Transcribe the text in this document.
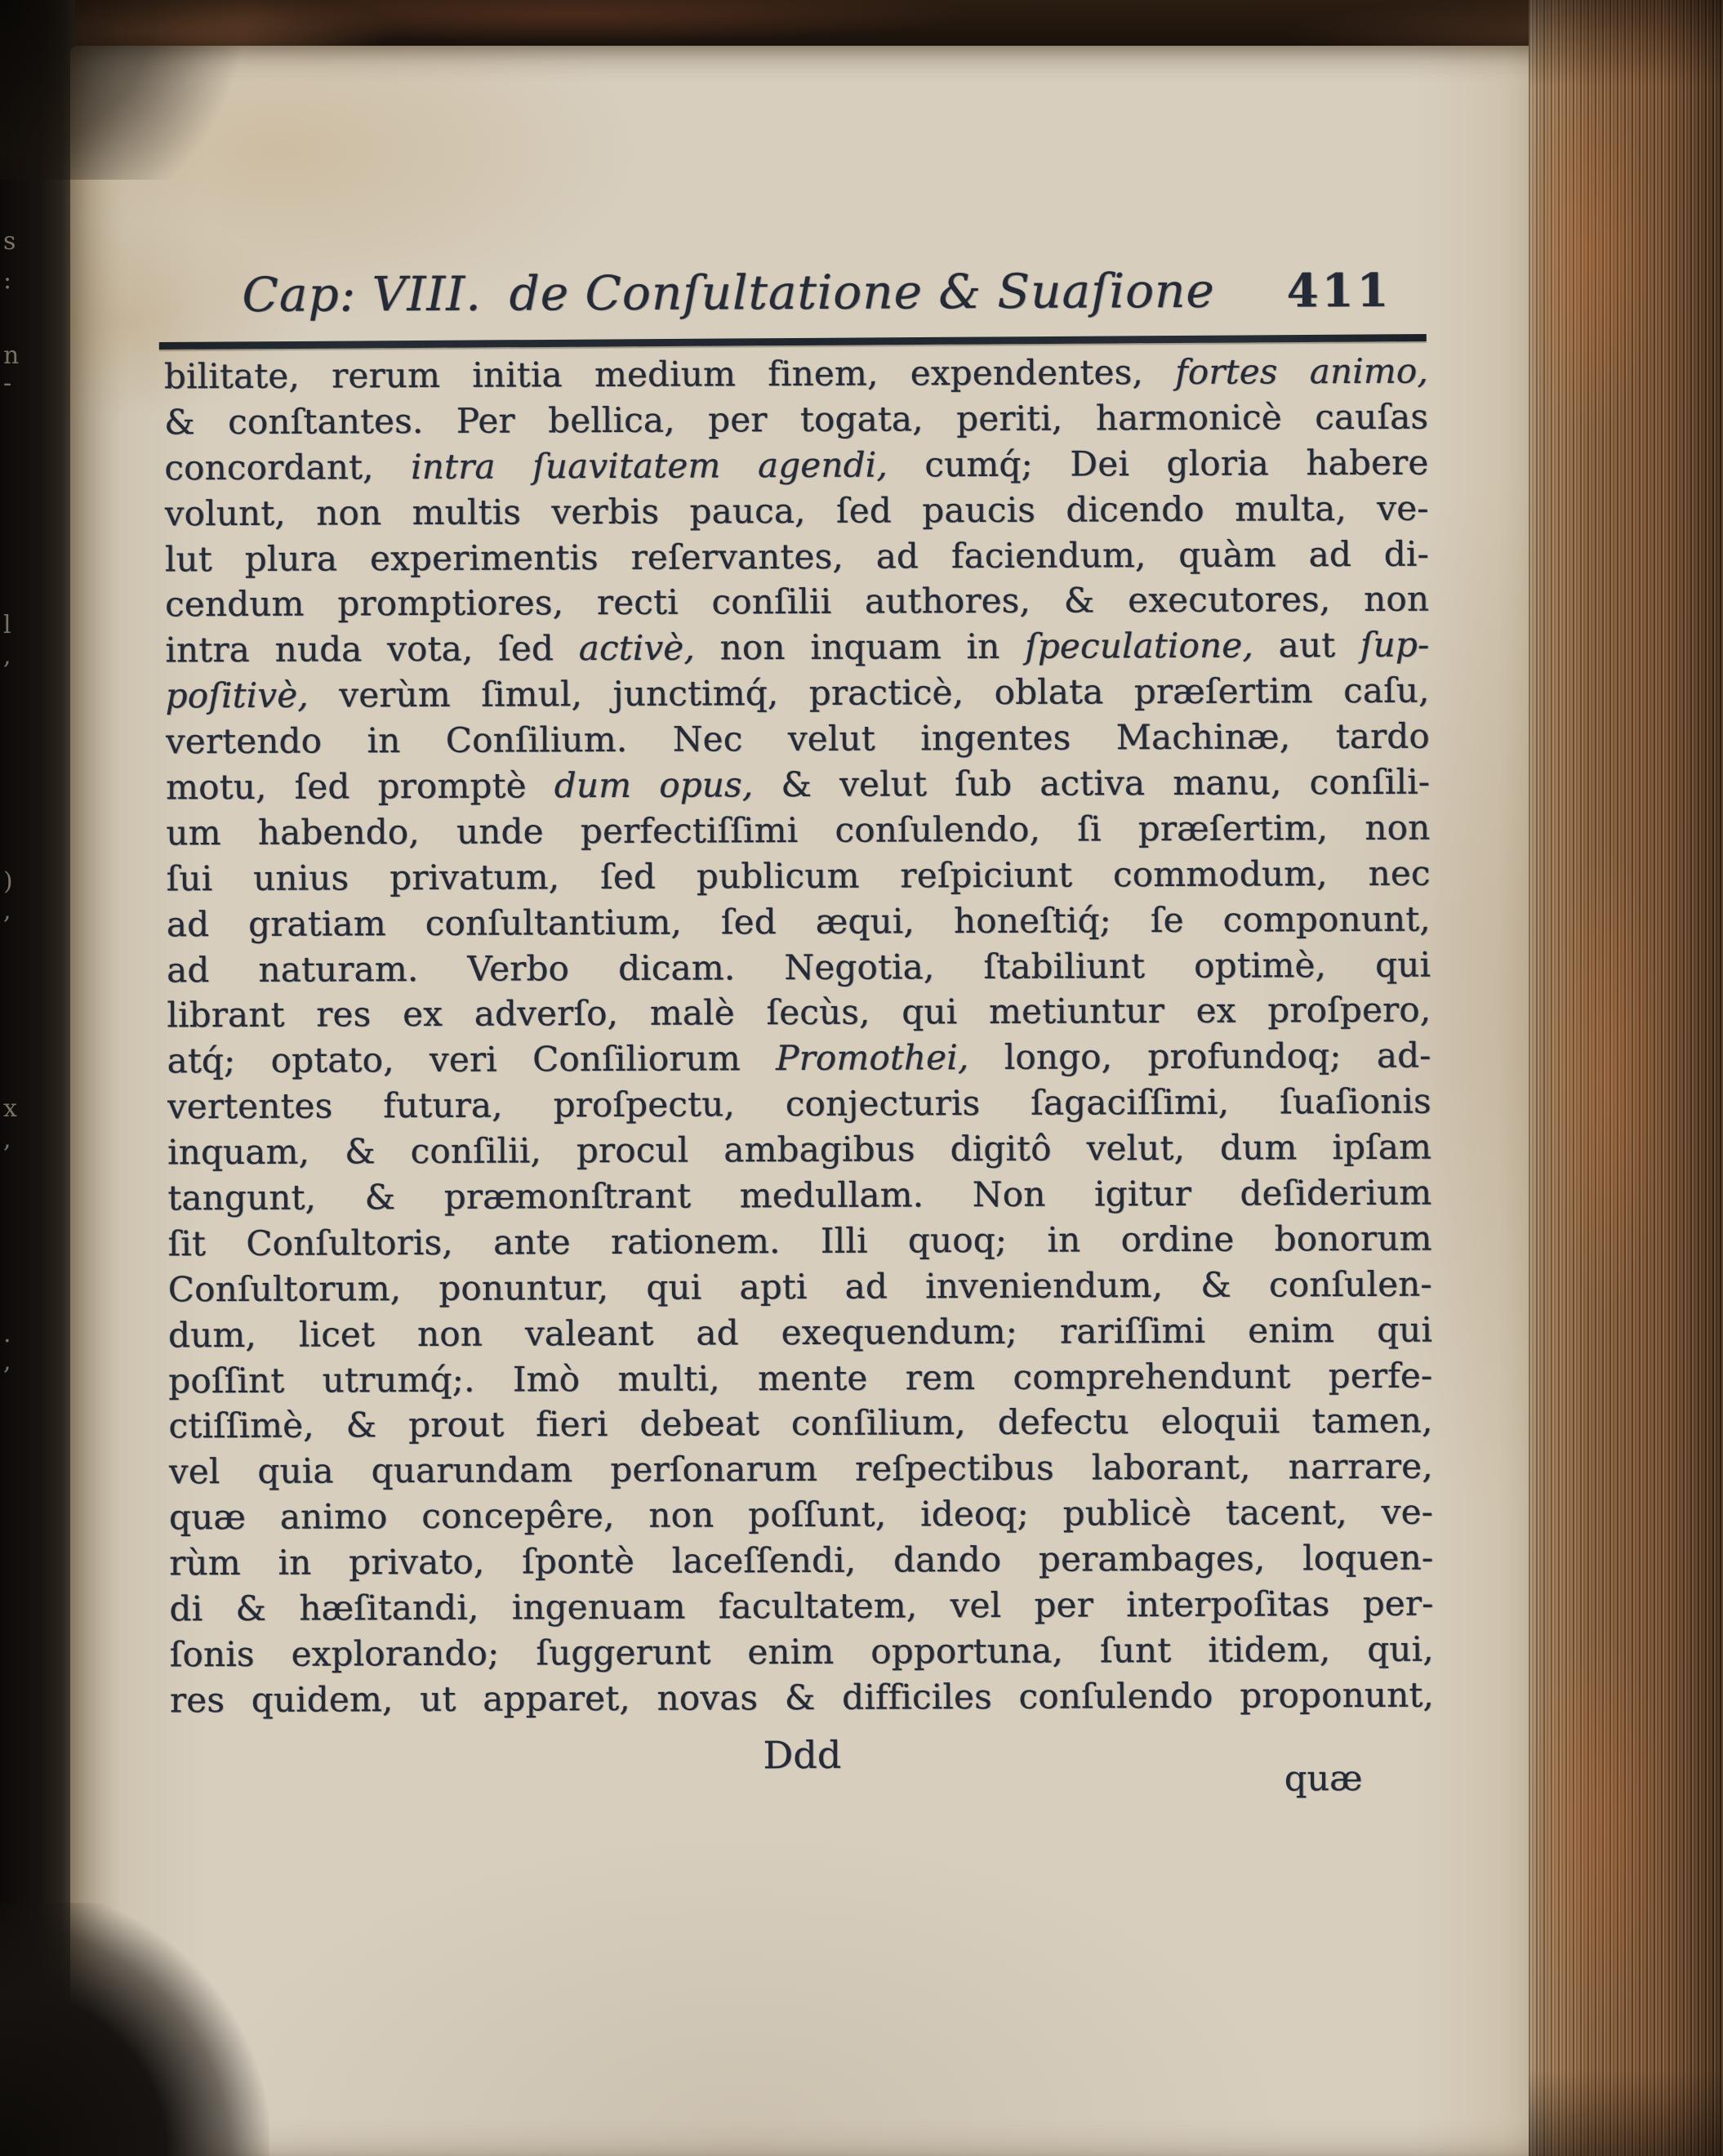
s
:
n
-
l
,
)
,
x
,
.
,
Cap: VIII. de Conſultatione & Suaſione 411
bilitate, rerum initia medium finem, expendentes, fortes animo,
& conſtantes. Per bellica, per togata, periti, harmonicè cauſas
concordant, intra ſuavitatem agendi, cumq́; Dei gloria habere
volunt, non multis verbis pauca, ſed paucis dicendo multa, ve-
lut plura experimentis reſervantes, ad faciendum, quàm ad di-
cendum promptiores, recti conſilii authores, & executores, non
intra nuda vota, ſed activè, non inquam in ſpeculatione, aut ſup-
poſitivè, verùm ſimul, junctimq́, practicè, oblata præſertim caſu,
vertendo in Conſilium. Nec velut ingentes Machinæ, tardo
motu, ſed promptè dum opus, & velut ſub activa manu, conſili-
um habendo, unde perfectiſſimi conſulendo, ſi præſertim, non
ſui unius privatum, ſed publicum reſpiciunt commodum, nec
ad gratiam conſultantium, ſed æqui, honeſtiq́; ſe componunt,
ad naturam. Verbo dicam. Negotia, ſtabiliunt optimè, qui
librant res ex adverſo, malè ſecùs, qui metiuntur ex proſpero,
atq́; optato, veri Conſiliorum Promothei, longo, profundoq; ad-
vertentes futura, proſpectu, conjecturis ſagaciſſimi, ſuaſionis
inquam, & conſilii, procul ambagibus digitô velut, dum ipſam
tangunt, & præmonſtrant medullam. Non igitur deſiderium
ſit Conſultoris, ante rationem. Illi quoq; in ordine bonorum
Conſultorum, ponuntur, qui apti ad inveniendum, & conſulen-
dum, licet non valeant ad exequendum; rariſſimi enim qui
poſſint utrumq́;. Imò multi, mente rem comprehendunt perfe-
ctiſſimè, & prout fieri debeat conſilium, defectu eloquii tamen,
vel quia quarundam perſonarum reſpectibus laborant, narrare,
quæ animo concepêre, non poſſunt, ideoq; publicè tacent, ve-
rùm in privato, ſpontè laceſſendi, dando perambages, loquen-
di & hæſitandi, ingenuam facultatem, vel per interpoſitas per-
ſonis explorando; ſuggerunt enim opportuna, ſunt itidem, qui,
res quidem, ut apparet, novas & difficiles conſulendo proponunt,
Ddd
quæ
